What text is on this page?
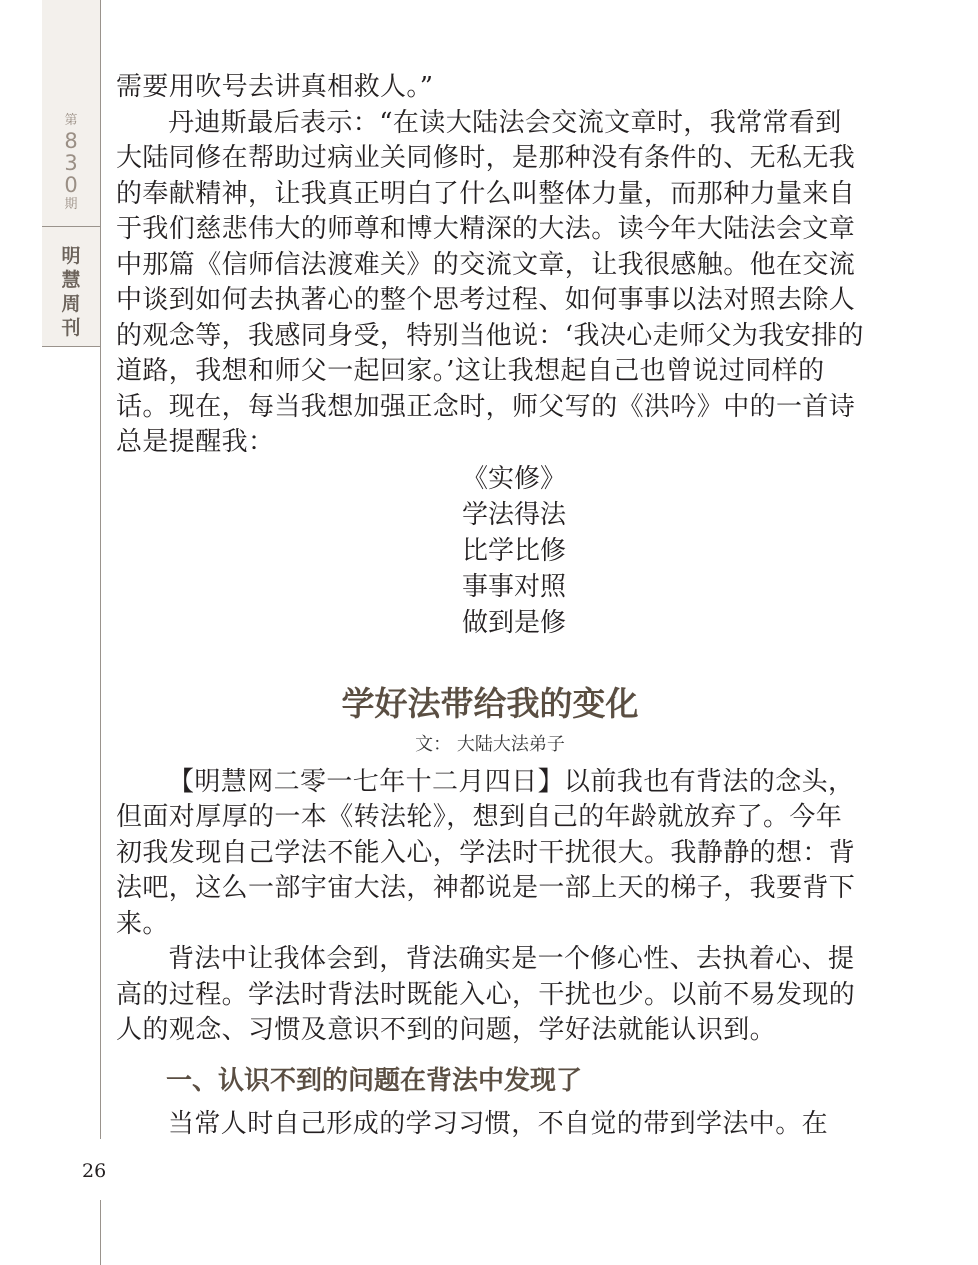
第
8
3
0
期
明
慧
周
刊
26

需要用吹号去讲真相救人。”

丹迪斯最后表示：“在读大陆法会交流文章时，我常常看到大陆同修在帮助过病业关同修时，是那种没有条件的、无私无我的奉献精神，让我真正明白了什么叫整体力量，而那种力量来自于我们慈悲伟大的师尊和博大精深的大法。读今年大陆法会文章中那篇《信师信法渡难关》的交流文章，让我很感触。他在交流中谈到如何去执著心的整个思考过程、如何事事以法对照去除人的观念等，我感同身受，特别当他说：‘我决心走师父为我安排的道路，我想和师父一起回家。’这让我想起自己也曾说过同样的话。现在，每当我想加强正念时，师父写的《洪吟》中的一首诗总是提醒我：

《实修》

学法得法

比学比修

事事对照

做到是修

学好法带给我的变化
文： 大陆大法弟子

【明慧网二零一七年十二月四日】以前我也有背法的念头，但面对厚厚的一本《转法轮》，想到自己的年龄就放弃了。今年初我发现自己学法不能入心，学法时干扰很大。我静静的想：背法吧，这么一部宇宙大法，神都说是一部上天的梯子，我要背下来。

背法中让我体会到，背法确实是一个修心性、去执着心、提高的过程。学法时背法时既能入心，干扰也少。以前不易发现的人的观念、习惯及意识不到的问题，学好法就能认识到。

一、认识不到的问题在背法中发现了

当常人时自己形成的学习习惯，不自觉的带到学法中。在
